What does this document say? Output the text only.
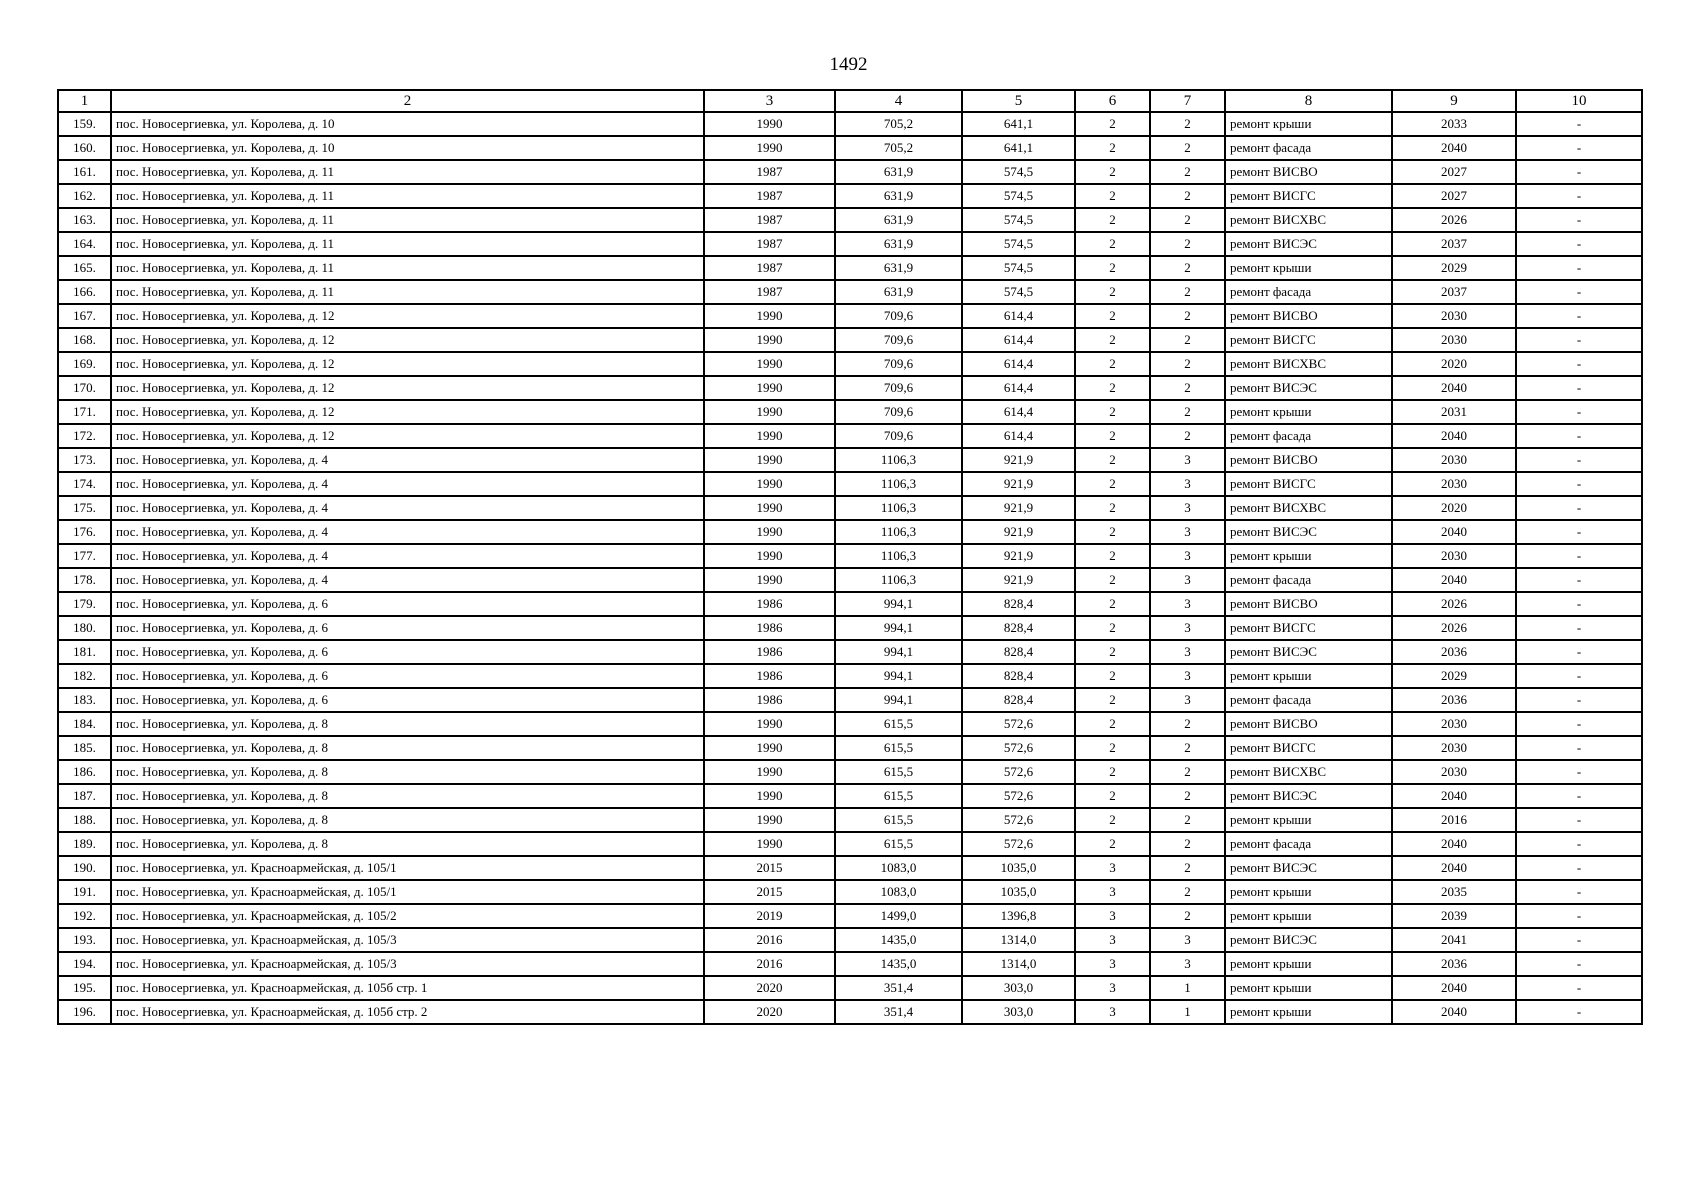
1492
1	2	3	4	5	6	7	8	9	10
159.	пос. Новосергиевка, ул. Королева, д. 10	1990	705,2	641,1	2	2	ремонт крыши	2033	-
160.	пос. Новосергиевка, ул. Королева, д. 10	1990	705,2	641,1	2	2	ремонт фасада	2040	-
161.	пос. Новосергиевка, ул. Королева, д. 11	1987	631,9	574,5	2	2	ремонт ВИСВО	2027	-
162.	пос. Новосергиевка, ул. Королева, д. 11	1987	631,9	574,5	2	2	ремонт ВИСГС	2027	-
163.	пос. Новосергиевка, ул. Королева, д. 11	1987	631,9	574,5	2	2	ремонт ВИСХВС	2026	-
164.	пос. Новосергиевка, ул. Королева, д. 11	1987	631,9	574,5	2	2	ремонт ВИСЭС	2037	-
165.	пос. Новосергиевка, ул. Королева, д. 11	1987	631,9	574,5	2	2	ремонт крыши	2029	-
166.	пос. Новосергиевка, ул. Королева, д. 11	1987	631,9	574,5	2	2	ремонт фасада	2037	-
167.	пос. Новосергиевка, ул. Королева, д. 12	1990	709,6	614,4	2	2	ремонт ВИСВО	2030	-
168.	пос. Новосергиевка, ул. Королева, д. 12	1990	709,6	614,4	2	2	ремонт ВИСГС	2030	-
169.	пос. Новосергиевка, ул. Королева, д. 12	1990	709,6	614,4	2	2	ремонт ВИСХВС	2020	-
170.	пос. Новосергиевка, ул. Королева, д. 12	1990	709,6	614,4	2	2	ремонт ВИСЭС	2040	-
171.	пос. Новосергиевка, ул. Королева, д. 12	1990	709,6	614,4	2	2	ремонт крыши	2031	-
172.	пос. Новосергиевка, ул. Королева, д. 12	1990	709,6	614,4	2	2	ремонт фасада	2040	-
173.	пос. Новосергиевка, ул. Королева, д. 4	1990	1106,3	921,9	2	3	ремонт ВИСВО	2030	-
174.	пос. Новосергиевка, ул. Королева, д. 4	1990	1106,3	921,9	2	3	ремонт ВИСГС	2030	-
175.	пос. Новосергиевка, ул. Королева, д. 4	1990	1106,3	921,9	2	3	ремонт ВИСХВС	2020	-
176.	пос. Новосергиевка, ул. Королева, д. 4	1990	1106,3	921,9	2	3	ремонт ВИСЭС	2040	-
177.	пос. Новосергиевка, ул. Королева, д. 4	1990	1106,3	921,9	2	3	ремонт крыши	2030	-
178.	пос. Новосергиевка, ул. Королева, д. 4	1990	1106,3	921,9	2	3	ремонт фасада	2040	-
179.	пос. Новосергиевка, ул. Королева, д. 6	1986	994,1	828,4	2	3	ремонт ВИСВО	2026	-
180.	пос. Новосергиевка, ул. Королева, д. 6	1986	994,1	828,4	2	3	ремонт ВИСГС	2026	-
181.	пос. Новосергиевка, ул. Королева, д. 6	1986	994,1	828,4	2	3	ремонт ВИСЭС	2036	-
182.	пос. Новосергиевка, ул. Королева, д. 6	1986	994,1	828,4	2	3	ремонт крыши	2029	-
183.	пос. Новосергиевка, ул. Королева, д. 6	1986	994,1	828,4	2	3	ремонт фасада	2036	-
184.	пос. Новосергиевка, ул. Королева, д. 8	1990	615,5	572,6	2	2	ремонт ВИСВО	2030	-
185.	пос. Новосергиевка, ул. Королева, д. 8	1990	615,5	572,6	2	2	ремонт ВИСГС	2030	-
186.	пос. Новосергиевка, ул. Королева, д. 8	1990	615,5	572,6	2	2	ремонт ВИСХВС	2030	-
187.	пос. Новосергиевка, ул. Королева, д. 8	1990	615,5	572,6	2	2	ремонт ВИСЭС	2040	-
188.	пос. Новосергиевка, ул. Королева, д. 8	1990	615,5	572,6	2	2	ремонт крыши	2016	-
189.	пос. Новосергиевка, ул. Королева, д. 8	1990	615,5	572,6	2	2	ремонт фасада	2040	-
190.	пос. Новосергиевка, ул. Красноармейская, д. 105/1	2015	1083,0	1035,0	3	2	ремонт ВИСЭС	2040	-
191.	пос. Новосергиевка, ул. Красноармейская, д. 105/1	2015	1083,0	1035,0	3	2	ремонт крыши	2035	-
192.	пос. Новосергиевка, ул. Красноармейская, д. 105/2	2019	1499,0	1396,8	3	2	ремонт крыши	2039	-
193.	пос. Новосергиевка, ул. Красноармейская, д. 105/3	2016	1435,0	1314,0	3	3	ремонт ВИСЭС	2041	-
194.	пос. Новосергиевка, ул. Красноармейская, д. 105/3	2016	1435,0	1314,0	3	3	ремонт крыши	2036	-
195.	пос. Новосергиевка, ул. Красноармейская, д. 105б стр. 1	2020	351,4	303,0	3	1	ремонт крыши	2040	-
196.	пос. Новосергиевка, ул. Красноармейская, д. 105б стр. 2	2020	351,4	303,0	3	1	ремонт крыши	2040	-
